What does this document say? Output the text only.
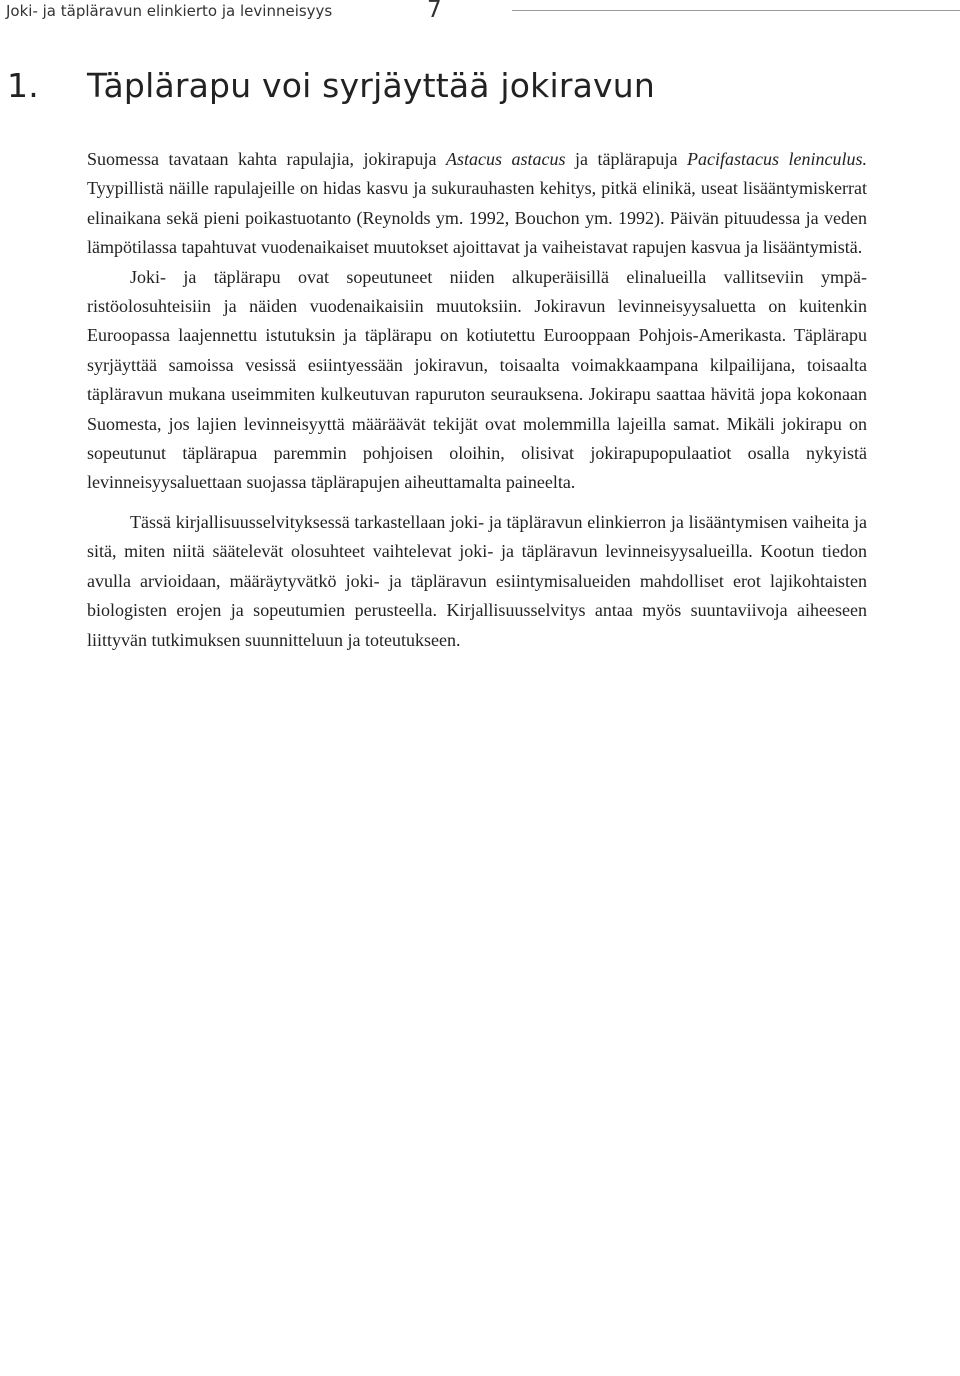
Joki- ja täpläravun elinkierto ja levinneisyys	7
1. Täplärapu voi syrjäyttää jokiravun

Suomessa tavataan kahta rapulajia, jokirapuja Astacus astacus ja täplärapuja Pacifastacus leninculus. Tyypillistä näille rapulajeille on hidas kasvu ja sukurauhasten kehitys, pitkä elinikä, useat lisääntymiskerrat elinaikana sekä pieni poikastuotanto (Reynolds ym. 1992, Bouchon ym. 1992). Päivän pituudessa ja veden lämpötilassa tapahtuvat vuodenaikaiset muutokset ajoittavat ja vaiheistavat rapujen kasvua ja lisääntymistä.

Joki- ja täplärapu ovat sopeutuneet niiden alkuperäisillä elinalueilla vallitseviin ympäristöolosuhteisiin ja näiden vuodenaikaisiin muutoksiin. Jokiravun levinneisyysaluetta on kuitenkin Euroopassa laajennettu istutuksin ja täplärapu on kotiutettu Eurooppaan Pohjois-Amerikasta. Täplärapu syrjäyttää samoissa vesissä esiintyessään jokiravun, toisaalta voimakkaampana kilpailijana, toisaalta täpläravun mukana useimmiten kulkeutuvan rapuruton seurauksena. Jokirapu saattaa hävitä jopa kokonaan Suomesta, jos lajien levinneisyyttä määräävät tekijät ovat molemmilla lajeilla samat. Mikäli jokirapu on sopeutunut täplärapua paremmin pohjoisen oloihin, olisivat jokirapupopulaatiot osalla nykyistä levinneisyysaluettaan suojassa täplärapujen aiheuttamalta paineelta.

Tässä kirjallisuusselvityksessä tarkastellaan joki- ja täpläravun elinkierron ja lisääntymisen vaiheita ja sitä, miten niitä säätelevät olosuhteet vaihtelevat joki- ja täpläravun levinneisyysalueilla. Kootun tiedon avulla arvioidaan, määräytyvätkö joki- ja täpläravun esiintymisalueiden mahdolliset erot lajikohtaisten biologisten erojen ja sopeutumien perusteella. Kirjallisuusselvitys antaa myös suuntaviivoja aiheeseen liittyvän tutkimuksen suunnitteluun ja toteutukseen.
